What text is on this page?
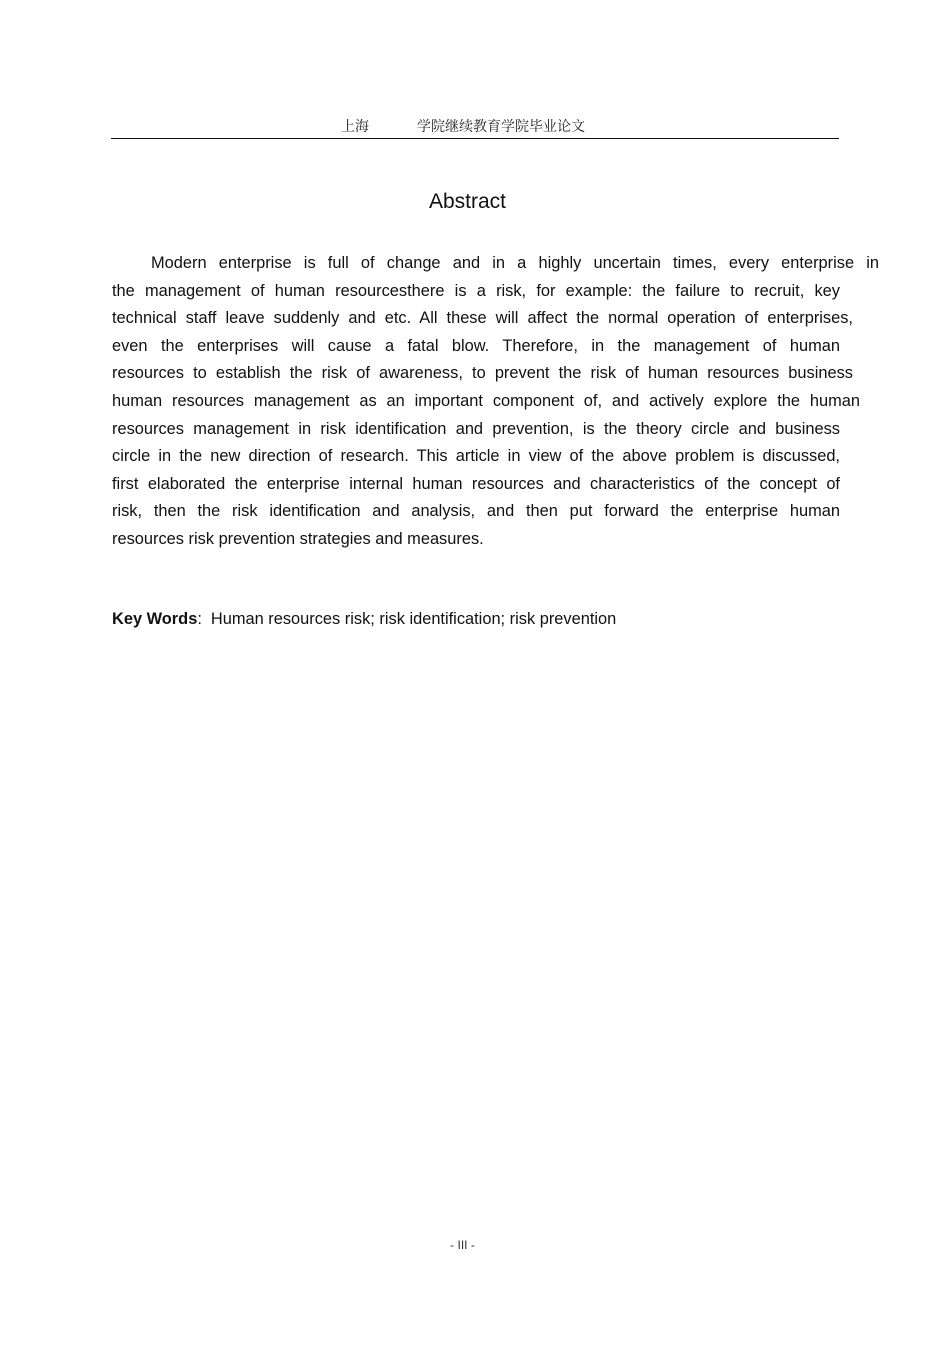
上海	学院继续教育学院毕业论文
Abstract
Modern enterprise is full of change and in a highly uncertain times, every enterprise in
the management of human resourcesthere is a risk, for example: the failure to recruit, key
technical staff leave suddenly and etc. All these will affect the normal operation of enterprises,
even the enterprises will cause a fatal blow. Therefore, in the management of human
resources to establish the risk of awareness, to prevent the risk of human resources business
human resources management as an important component of, and actively explore the human
resources management in risk identification and prevention, is the theory circle and business
circle in the new direction of research. This article in view of the above problem is discussed,
first elaborated the enterprise internal human resources and characteristics of the concept of
risk, then the risk identification and analysis, and then put forward the enterprise human
resources risk prevention strategies and measures.
Key Words: Human resources risk; risk identification; risk prevention
- III -
